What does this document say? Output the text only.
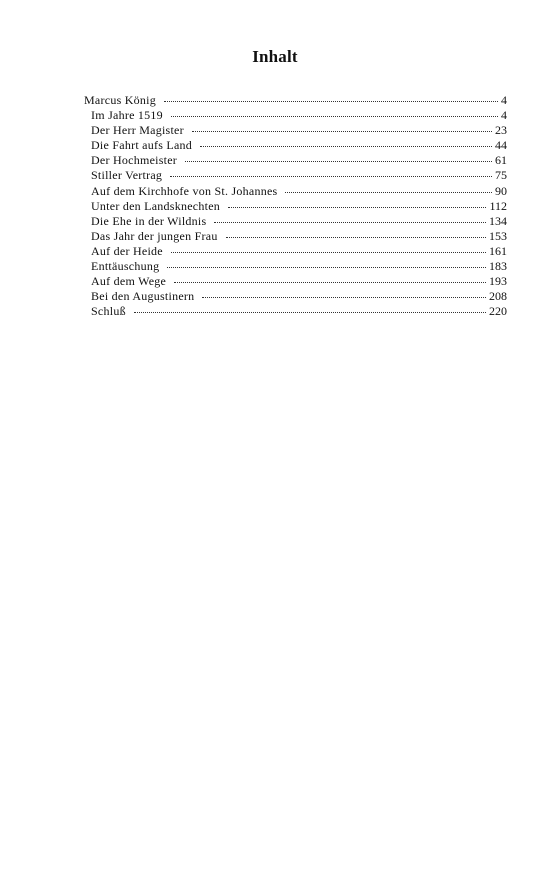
Inhalt
Marcus König	4
Im Jahre 1519	4
Der Herr Magister	23
Die Fahrt aufs Land	44
Der Hochmeister	61
Stiller Vertrag	75
Auf dem Kirchhofe von St. Johannes	90
Unter den Landsknechten	112
Die Ehe in der Wildnis	134
Das Jahr der jungen Frau	153
Auf der Heide	161
Enttäuschung	183
Auf dem Wege	193
Bei den Augustinern	208
Schluß	220
